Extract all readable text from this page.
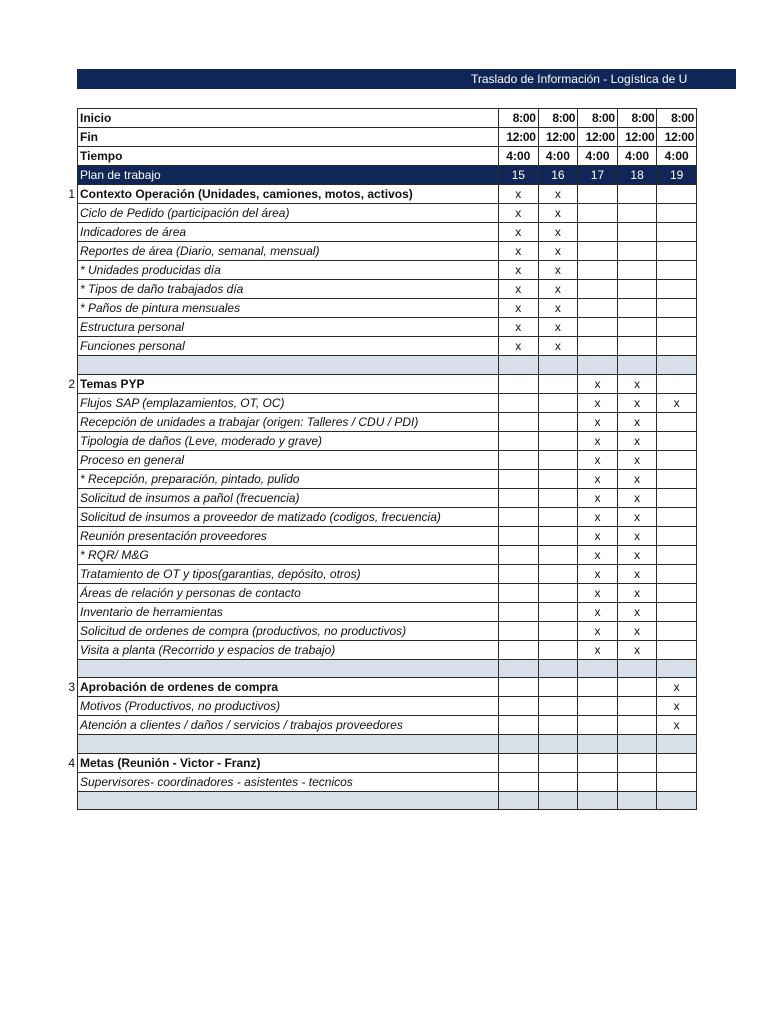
Traslado de Información - Logística de U
Inicio	8:00	8:00	8:00	8:00	8:00
Fin	12:00	12:00	12:00	12:00	12:00
Tiempo	4:00	4:00	4:00	4:00	4:00
Plan de trabajo	15	16	17	18	19

1 Contexto Operación (Unidades, camiones, motos, activos)	x	x			
Ciclo de Pedido (participación del área)	x	x			
Indicadores de área	x	x			
Reportes de área (Diario, semanal, mensual)	x	x			
* Unidades producidas día	x	x			
* Tipos de daño trabajados día	x	x			
* Paños de pintura mensuales	x	x			
Estructura personal	x	x			
Funciones personal	x	x			

2 Temas PYP			x	x	
Flujos SAP (emplazamientos, OT, OC)			x	x	x
Recepción de unidades a trabajar (origen: Talleres / CDU / PDI)			x	x	
Tipologia de daños (Leve, moderado y grave)			x	x	
Proceso en general			x	x	
* Recepción, preparación, pintado, pulido			x	x	
Solicitud de insumos a pañol (frecuencia)			x	x	
Solicitud de insumos a proveedor de matizado (codigos, frecuencia)			x	x	
Reunión presentación proveedores			x	x	
* RQR/ M&G			x	x	
Tratamiento de OT y tipos(garantias, depósito, otros)			x	x	
Áreas de relación y personas de contacto			x	x	
Inventario de herramientas			x	x	
Solicitud de ordenes de compra (productivos, no productivos)			x	x	
Visita a planta (Recorrido y espacios de trabajo)			x	x	

3 Aprobación de ordenes de compra					x
Motivos (Productivos, no productivos)					x
Atención a clientes / daños / servicios / trabajos proveedores					x

4 Metas (Reunión - Victor - Franz)					
Supervisores- coordinadores - asistentes - tecnicos					
